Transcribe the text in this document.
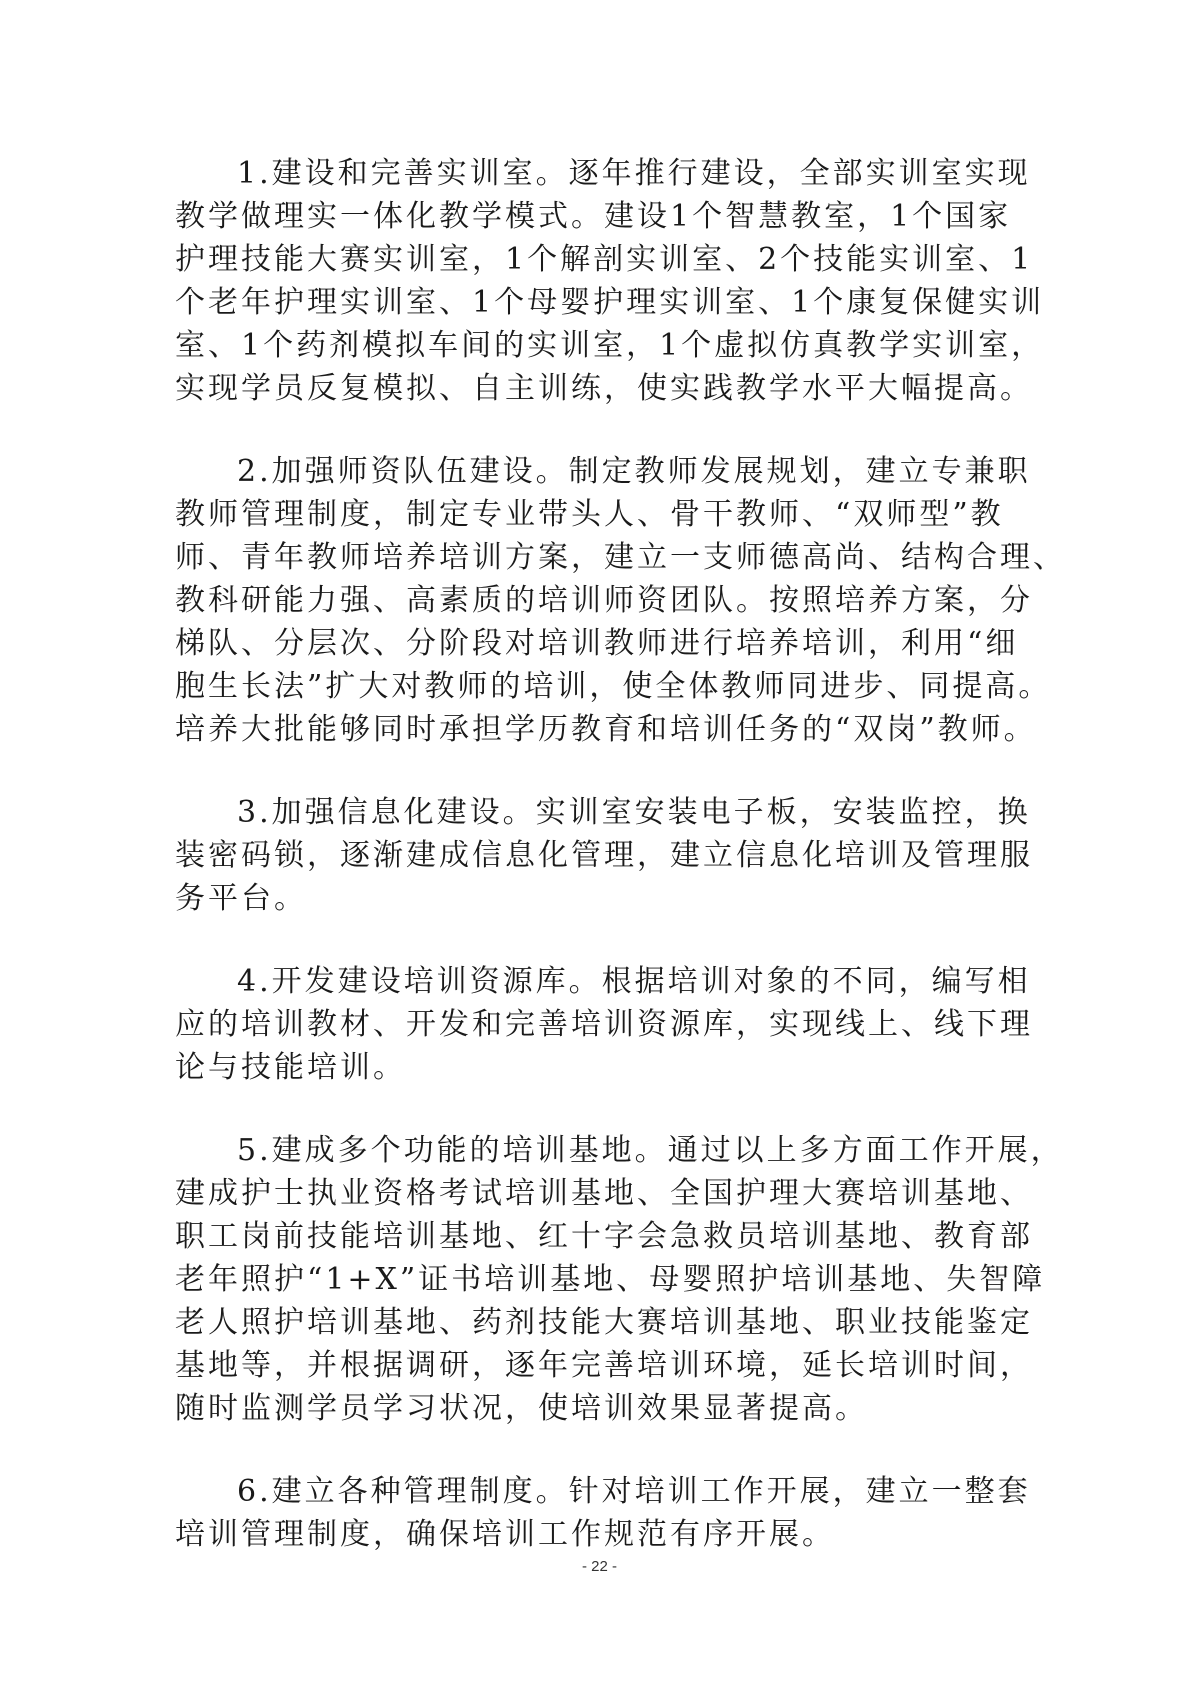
1.建设和完善实训室。逐年推行建设，全部实训室实现
教学做理实一体化教学模式。建设1个智慧教室，1个国家
护理技能大赛实训室，1个解剖实训室、2个技能实训室、1
个老年护理实训室、1个母婴护理实训室、1个康复保健实训
室、1个药剂模拟车间的实训室，1个虚拟仿真教学实训室，
实现学员反复模拟、自主训练，使实践教学水平大幅提高。

2.加强师资队伍建设。制定教师发展规划，建立专兼职
教师管理制度，制定专业带头人、骨干教师、“双师型”教
师、青年教师培养培训方案，建立一支师德高尚、结构合理、
教科研能力强、高素质的培训师资团队。按照培养方案，分
梯队、分层次、分阶段对培训教师进行培养培训，利用“细
胞生长法”扩大对教师的培训，使全体教师同进步、同提高。
培养大批能够同时承担学历教育和培训任务的“双岗”教师。

3.加强信息化建设。实训室安装电子板，安装监控，换
装密码锁，逐渐建成信息化管理，建立信息化培训及管理服
务平台。

4.开发建设培训资源库。根据培训对象的不同，编写相
应的培训教材、开发和完善培训资源库，实现线上、线下理
论与技能培训。

5.建成多个功能的培训基地。通过以上多方面工作开展，
建成护士执业资格考试培训基地、全国护理大赛培训基地、
职工岗前技能培训基地、红十字会急救员培训基地、教育部
老年照护“1+X”证书培训基地、母婴照护培训基地、失智障
老人照护培训基地、药剂技能大赛培训基地、职业技能鉴定
基地等，并根据调研，逐年完善培训环境，延长培训时间，
随时监测学员学习状况，使培训效果显著提高。

6.建立各种管理制度。针对培训工作开展，建立一整套
培训管理制度，确保培训工作规范有序开展。

- 22 -
